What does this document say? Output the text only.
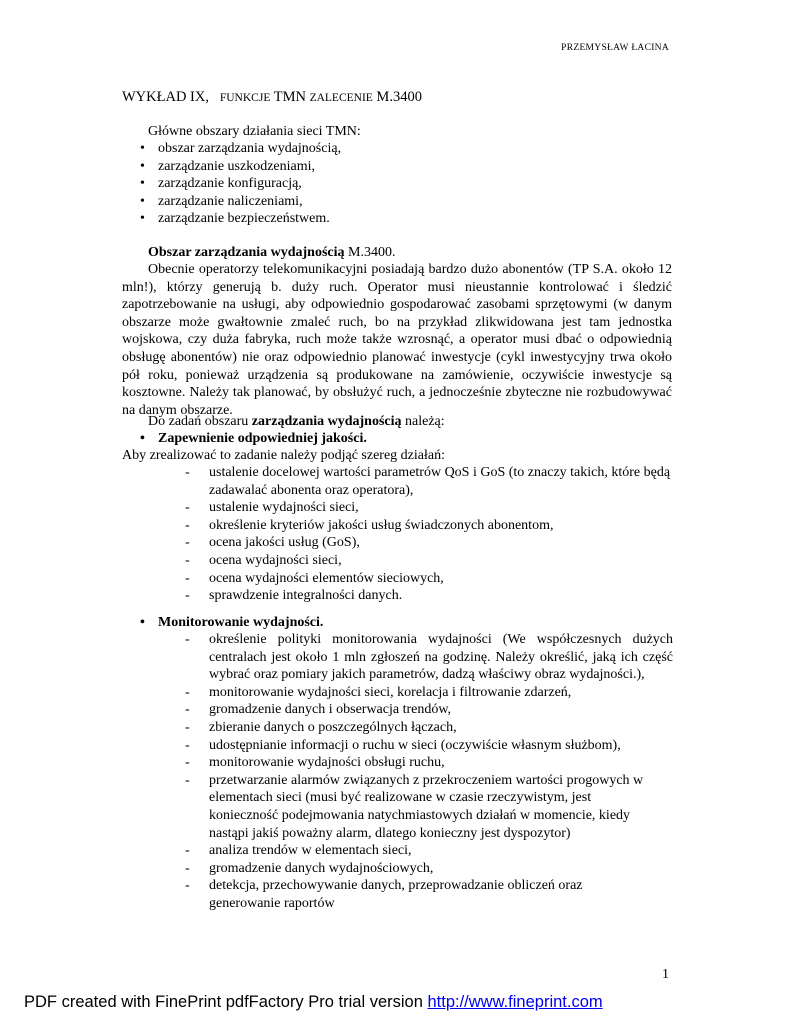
PRZEMYSŁAW ŁACINA
WYKŁAD IX, FUNKCJE TMN ZALECENIE M.3400
Główne obszary działania sieci TMN:
• obszar zarządzania wydajnością,
• zarządzanie uszkodzeniami,
• zarządzanie konfiguracją,
• zarządzanie naliczeniami,
• zarządzanie bezpieczeństwem.
Obszar zarządzania wydajnością M.3400.
Obecnie operatorzy telekomunikacyjni posiadają bardzo dużo abonentów (TP S.A. około 12 mln!), którzy generują b. duży ruch. Operator musi nieustannie kontrolować i śledzić zapotrzebowanie na usługi, aby odpowiednio gospodarować zasobami sprzętowymi (w danym obszarze może gwałtownie zmaleć ruch, bo na przykład zlikwidowana jest tam jednostka wojskowa, czy duża fabryka, ruch może także wzrosnąć, a operator musi dbać o odpowiednią obsługę abonentów) nie oraz odpowiednio planować inwestycje (cykl inwestycyjny trwa około pół roku, ponieważ urządzenia są produkowane na zamówienie, oczywiście inwestycje są kosztowne. Należy tak planować, by obsłużyć ruch, a jednocześnie zbyteczne nie rozbudowywać na danym obszarze.
Do zadań obszaru zarządzania wydajnością należą:
• Zapewnienie odpowiedniej jakości.
Aby zrealizować to zadanie należy podjąć szereg działań:
- ustalenie docelowej wartości parametrów QoS i GoS (to znaczy takich, które będą zadawalać abonenta oraz operatora),
- ustalenie wydajności sieci,
- określenie kryteriów jakości usług świadczonych abonentom,
- ocena jakości usług (GoS),
- ocena wydajności sieci,
- ocena wydajności elementów sieciowych,
- sprawdzenie integralności danych.
• Monitorowanie wydajności.
- określenie polityki monitorowania wydajności (We współczesnych dużych centralach jest około 1 mln zgłoszeń na godzinę. Należy określić, jaką ich część wybrać oraz pomiary jakich parametrów, dadzą właściwy obraz wydajności.),
- monitorowanie wydajności sieci, korelacja i filtrowanie zdarzeń,
- gromadzenie danych i obserwacja trendów,
- zbieranie danych o poszczególnych łączach,
- udostępnianie informacji o ruchu w sieci (oczywiście własnym służbom),
- monitorowanie wydajności obsługi ruchu,
- przetwarzanie alarmów związanych z przekroczeniem wartości progowych w elementach sieci (musi być realizowane w czasie rzeczywistym, jest konieczność podejmowania natychmiastowych działań w momencie, kiedy nastąpi jakiś poważny alarm, dlatego konieczny jest dyspozytor)
- analiza trendów w elementach sieci,
- gromadzenie danych wydajnościowych,
- detekcja, przechowywanie danych, przeprowadzanie obliczeń oraz generowanie raportów
1
PDF created with FinePrint pdfFactory Pro trial version http://www.fineprint.com
